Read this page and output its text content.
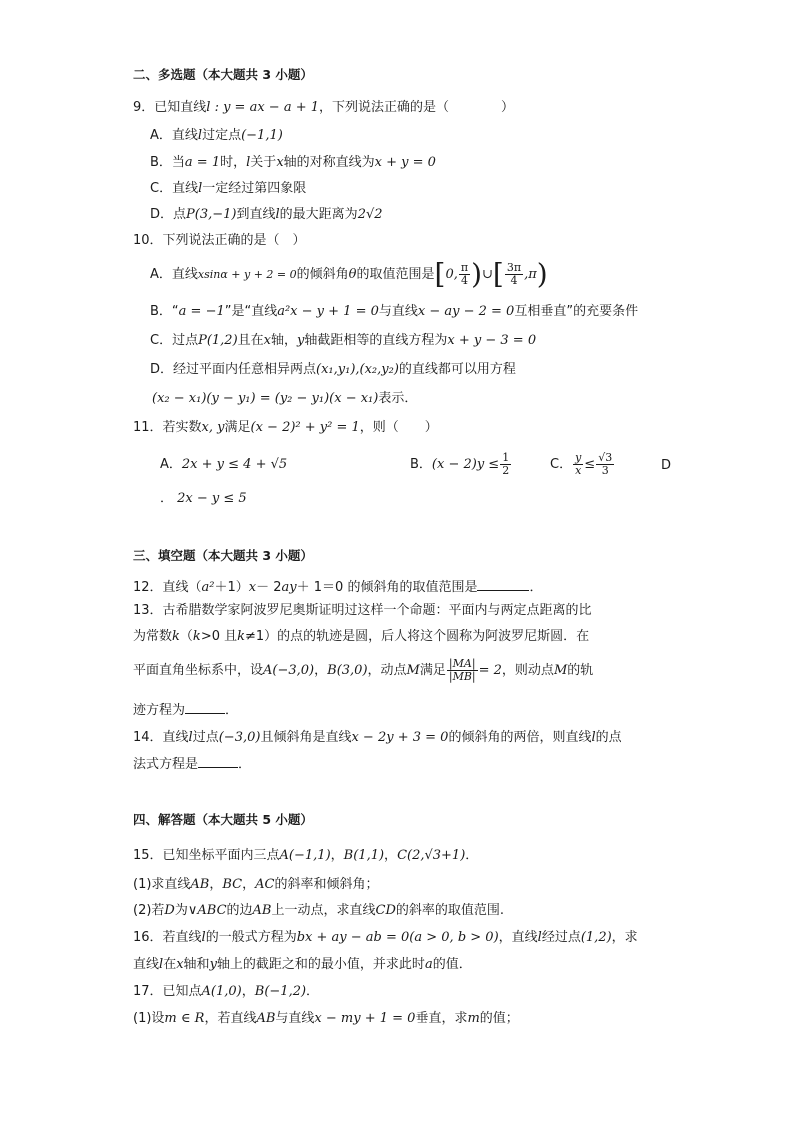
二、多选题（本大题共 3 小题）
9．已知直线l : y = ax − a + 1，下列说法正确的是（　　　　）
A．直线l过定点(−1,1)
B．当a = 1时，l关于x轴的对称直线为x + y = 0
C．直线l一定经过第四象限
D．点P(3,−1)到直线l的最大距离为2√2
10．下列说法正确的是（　）
A．直线xsinα + y + 2 = 0的倾斜角θ的取值范围是[0, $\frac{\pi}{4}$ )∪[ $\frac{3\pi}{4} ,\pi$)
B．“a = −1”是“直线a²x − y + 1 = 0与直线x − ay − 2 = 0互相垂直”的充要条件
C．过点P(1,2)且在x轴，y轴截距相等的直线方程为x + y − 3 = 0
D．经过平面内任意相异两点(x₁,y₁),(x₂,y₂)的直线都可以用方程
(x₂ − x₁)(y − y₁) = (y₂ − y₁)(x − x₁)表示．
11．若实数x, y满足(x − 2)² + y² = 1，则（　　）
A．2x + y ≤ 4 + √5	B．$(x - 2)y \le \frac{1}{2}$	C． $\frac{y}{x} \le \frac{√3}{3}$	D
． 2x − y ≤ 5
三、填空题（本大题共 3 小题）
12．直线（a²＋1）x－ 2ay＋ 1＝0 的倾斜角的取值范围是	．
13．古希腊数学家阿波罗尼奥斯证明过这样一个命题：平面内与两定点距离的比
为常数k（k>0 且k≠1）的点的轨迹是圆，后人将这个圆称为阿波罗尼斯圆．在
平面直角坐标系中，设A(−3,0)，B(3,0)，动点M满足 $\frac{|MA|}{|MB|} = 2$，则动点M的轨
迹方程为	．
14．直线l过点(−3,0)且倾斜角是直线x − 2y + 3 = 0的倾斜角的两倍，则直线l的点
法式方程是	．
四、解答题（本大题共 5 小题）
15．已知坐标平面内三点A(−1,1)，B(1,1)，C(2,√3+1)．
(1)求直线AB，BC，AC的斜率和倾斜角；
(2)若D为∨ABC的边AB上一动点，求直线CD的斜率的取值范围.
16．若直线l的一般式方程为bx + ay − ab = 0(a > 0, b > 0)，直线l经过点(1,2)，求
直线l在x轴和y轴上的截距之和的最小值，并求此时a的值．
17．已知点A(1,0)，B(−1,2)．
(1)设m ∈ R，若直线AB与直线x − my + 1 = 0垂直，求m的值；
